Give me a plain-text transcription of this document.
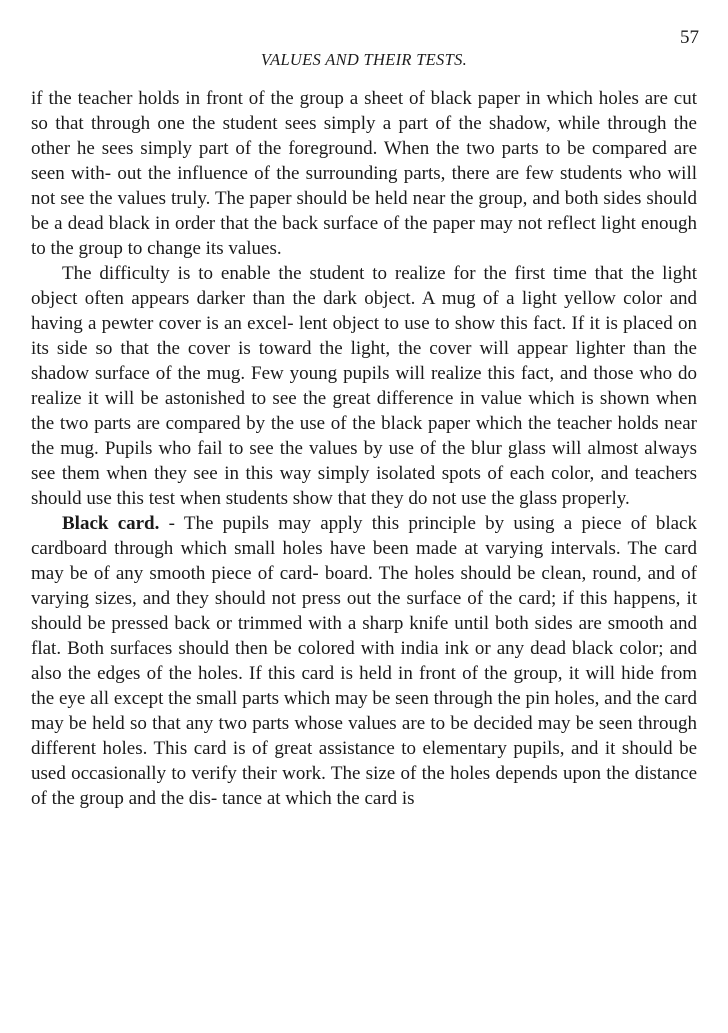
57
VALUES AND THEIR TESTS.

if the teacher holds in front of the group a sheet of black paper in which holes are cut so that through one the student sees simply a part of the shadow, while through the other he sees simply part of the foreground. When the two parts to be compared are seen with- out the influence of the surrounding parts, there are few students who will not see the values truly. The paper should be held near the group, and both sides should be a dead black in order that the back surface of the paper may not reflect light enough to the group to change its values.

The difficulty is to enable the student to realize for the first time that the light object often appears darker than the dark object. A mug of a light yellow color and having a pewter cover is an excel- lent object to use to show this fact. If it is placed on its side so that the cover is toward the light, the cover will appear lighter than the shadow surface of the mug. Few young pupils will realize this fact, and those who do realize it will be astonished to see the great difference in value which is shown when the two parts are compared by the use of the black paper which the teacher holds near the mug. Pupils who fail to see the values by use of the blur glass will almost always see them when they see in this way simply isolated spots of each color, and teachers should use this test when students show that they do not use the glass properly.

Black card. - The pupils may apply this principle by using a piece of black cardboard through which small holes have been made at varying intervals. The card may be of any smooth piece of card- board. The holes should be clean, round, and of varying sizes, and they should not press out the surface of the card; if this happens, it should be pressed back or trimmed with a sharp knife until both sides are smooth and flat. Both surfaces should then be colored with india ink or any dead black color; and also the edges of the holes. If this card is held in front of the group, it will hide from the eye all except the small parts which may be seen through the pin holes, and the card may be held so that any two parts whose values are to be decided may be seen through different holes. This card is of great assistance to elementary pupils, and it should be used occasionally to verify their work. The size of the holes depends upon the distance of the group and the dis- tance at which the card is
